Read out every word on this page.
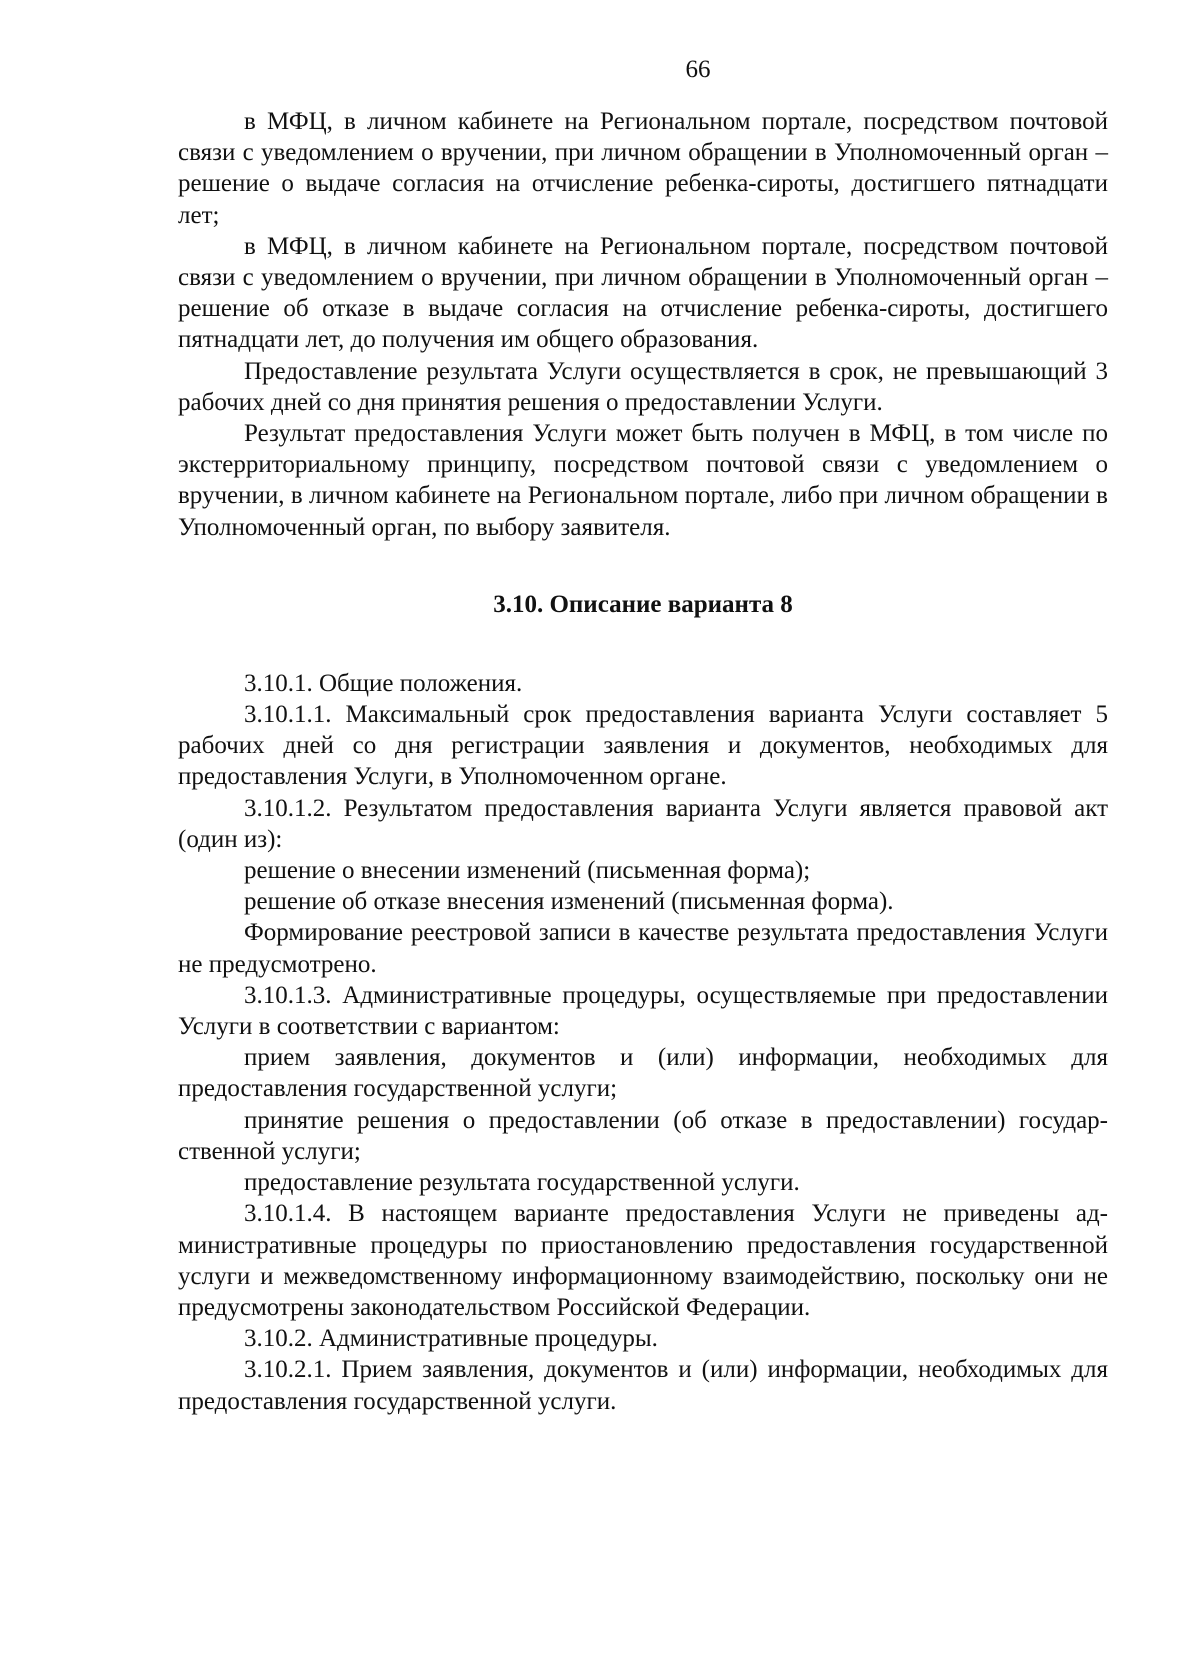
66

в МФЦ, в личном кабинете на Региональном портале, посредством почтовой связи с уведомлением о вручении, при личном обращении в Уполномоченный орган – решение о выдаче согласия на отчисление ребенка-сироты, достигшего пятнадцати лет;

в МФЦ, в личном кабинете на Региональном портале, посредством почтовой связи с уведомлением о вручении, при личном обращении в Уполномоченный орган – решение об отказе в выдаче согласия на отчисление ребенка-сироты, достигшего пятнадцати лет, до получения им общего образования.

Предоставление результата Услуги осуществляется в срок, не превышающий 3 рабочих дней со дня принятия решения о предоставлении Услуги.

Результат предоставления Услуги может быть получен в МФЦ, в том числе по экстерриториальному принципу, посредством почтовой связи с уведомлением о вручении, в личном кабинете на Региональном портале, либо при личном обращении в Уполномоченный орган, по выбору заявителя.

3.10. Описание варианта 8

3.10.1. Общие положения.

3.10.1.1. Максимальный срок предоставления варианта Услуги составляет 5 рабочих дней со дня регистрации заявления и документов, необходимых для предоставления Услуги, в Уполномоченном органе.

3.10.1.2. Результатом предоставления варианта Услуги является правовой акт (один из):

решение о внесении изменений (письменная форма);

решение об отказе внесения изменений (письменная форма).

Формирование реестровой записи в качестве результата предоставления Услуги не предусмотрено.

3.10.1.3. Административные процедуры, осуществляемые при предоставлении Услуги в соответствии с вариантом:

прием заявления, документов и (или) информации, необходимых для предоставления государственной услуги;

принятие решения о предоставлении (об отказе в предоставлении) государственной услуги;

предоставление результата государственной услуги.

3.10.1.4. В настоящем варианте предоставления Услуги не приведены административные процедуры по приостановлению предоставления государственной услуги и межведомственному информационному взаимодействию, поскольку они не предусмотрены законодательством Российской Федерации.

3.10.2. Административные процедуры.

3.10.2.1. Прием заявления, документов и (или) информации, необходимых для предоставления государственной услуги.
